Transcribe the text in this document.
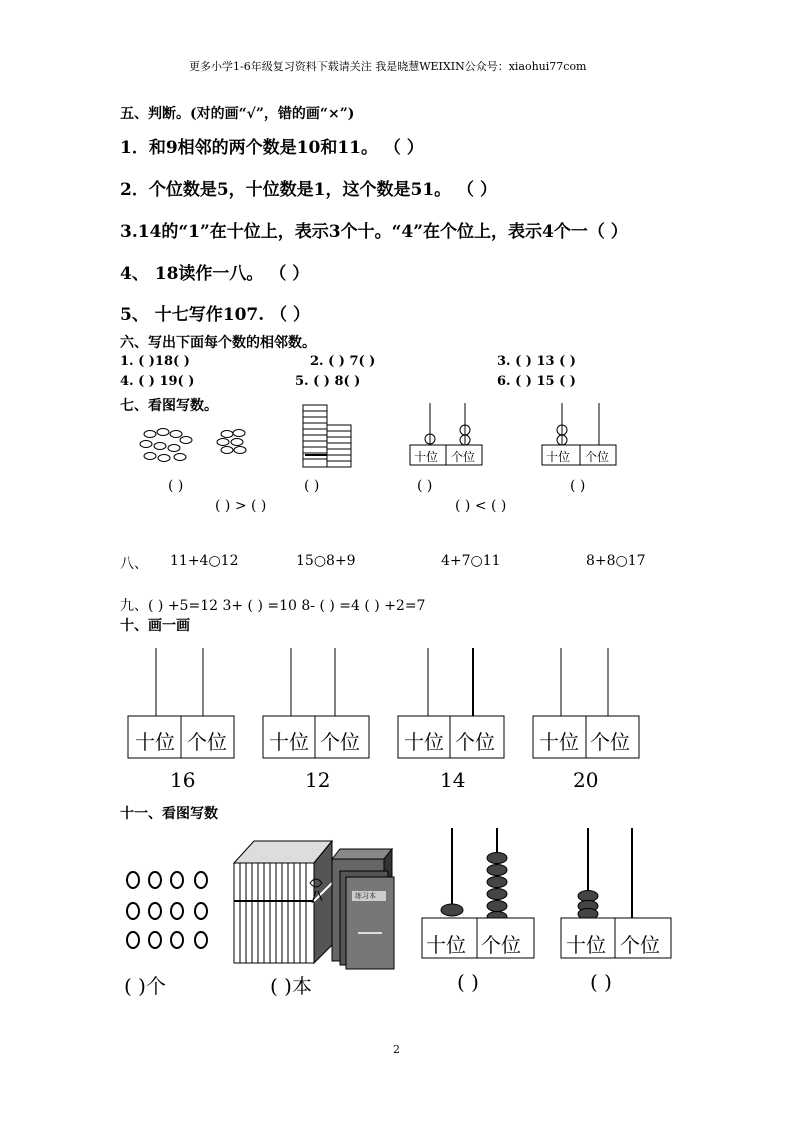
更多小学1-6年级复习资料下载请关注 我是晓慧WEIXIN公众号：xiaohui77com
五、判断。(对的画“√”，错的画“×”)
1．和9相邻的两个数是10和11。 （ ）
2．个位数是5，十位数是1，这个数是51。 （ ）
3.14的“1”在十位上，表示3个十。“4”在个位上，表示4个一（ ）
4、 18读作一八。 （ ）
5、 十七写作107. （ ）
六、写出下面每个数的相邻数。
1. ( )18( )	2. ( ) 7( )	3. ( ) 13 ( )
4. ( ) 19( )	5. ( ) 8( )	6. ( ) 15 ( )
七、看图写数。
十位 个位	十位 个位
( )	( )	( )	( )
( ) > ( )	( ) < ( )
八、 11+4○12	15○8+9	4+7○11	8+8○17
九、( ) +5=12 3+ ( ) =10 8- ( ) =4 ( ) +2=7
十、画一画
十位 个位
16
十位 个位
12
十位 个位
14
十位 个位
20
十一、看图写数
练习本
十位 个位 十位 个位
( )个	( )本	( )	( )
2
